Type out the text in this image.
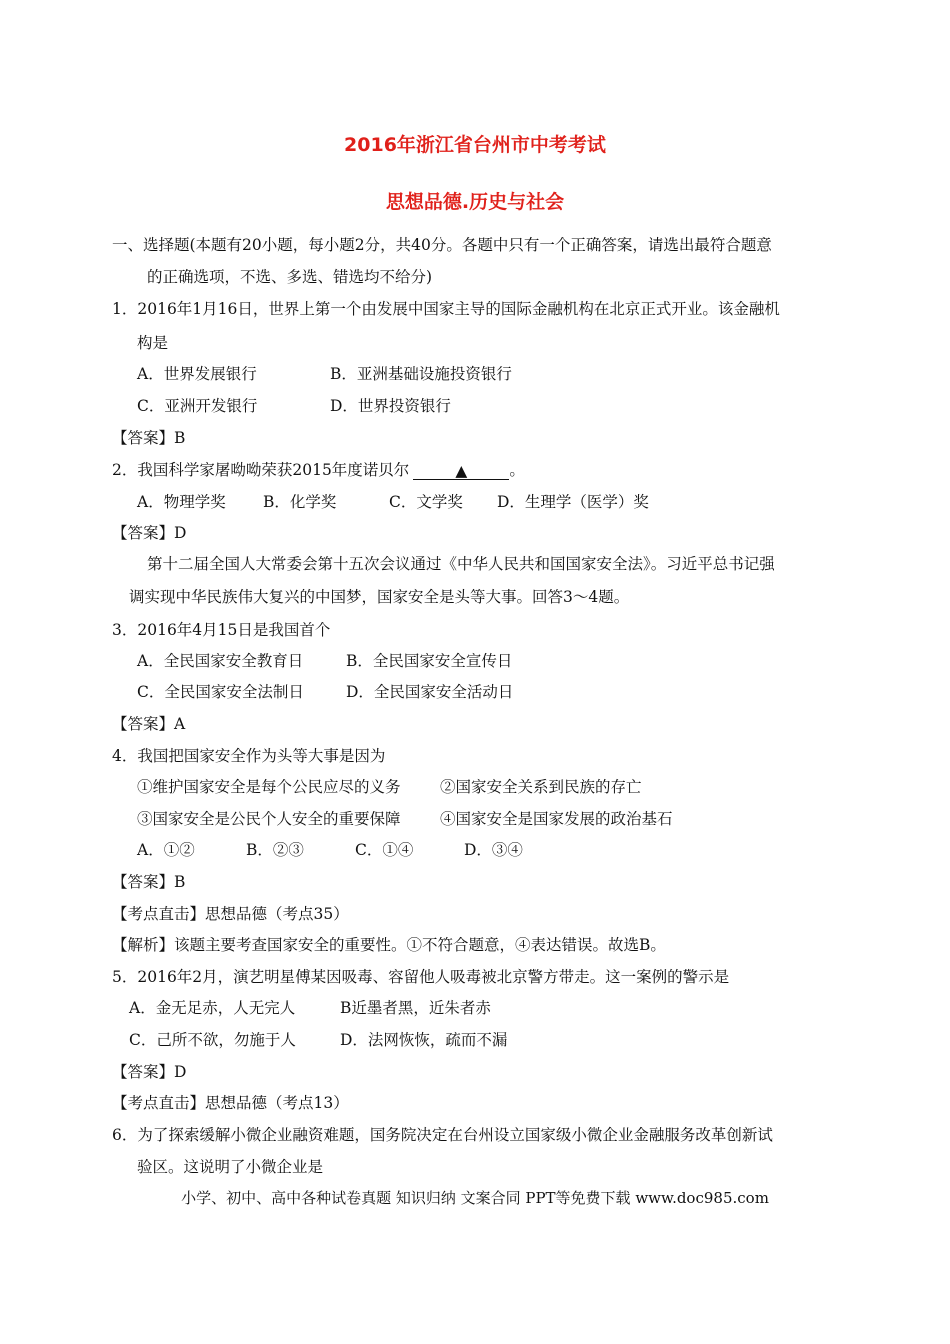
2016年浙江省台州市中考考试
思想品德.历史与社会
一、选择题(本题有20小题，每小题2分，共40分。各题中只有一个正确答案，请选出最符合题意
的正确选项，不选、多选、错选均不给分)
1．2016年1月16日，世界上第一个由发展中国家主导的国际金融机构在北京正式开业。该金融机
构是
A．世界发展银行	B．亚洲基础设施投资银行
C．亚洲开发银行	D．世界投资银行
【答案】B
2．我国科学家屠呦呦荣获2015年度诺贝尔	▲	。
A．物理学奖 B．化学奖	C．文学奖 D．生理学（医学）奖
【答案】D
第十二届全国人大常委会第十五次会议通过《中华人民共和国国家安全法》。习近平总书记强
调实现中华民族伟大复兴的中国梦，国家安全是头等大事。回答3～4题。
3．2016年4月15日是我国首个
A．全民国家安全教育日	B．全民国家安全宣传日
C．全民国家安全法制日	D．全民国家安全活动日
【答案】A
4．我国把国家安全作为头等大事是因为
①维护国家安全是每个公民应尽的义务	②国家安全关系到民族的存亡
③国家安全是公民个人安全的重要保障	④国家安全是国家发展的政治基石
A．①②	B．②③	C．①④	D．③④
【答案】B
【考点直击】思想品德（考点35）
【解析】该题主要考查国家安全的重要性。①不符合题意，④表达错误。故选B。
5．2016年2月，演艺明星傅某因吸毒、容留他人吸毒被北京警方带走。这一案例的警示是
A．金无足赤，人无完人	B近墨者黑，近朱者赤
C．己所不欲，勿施于人	D．法网恢恢，疏而不漏
【答案】D
【考点直击】思想品德（考点13）
6．为了探索缓解小微企业融资难题，国务院决定在台州设立国家级小微企业金融服务改革创新试
验区。这说明了小微企业是
小学、初中、高中各种试卷真题 知识归纳 文案合同 PPT等免费下载 www.doc985.com
